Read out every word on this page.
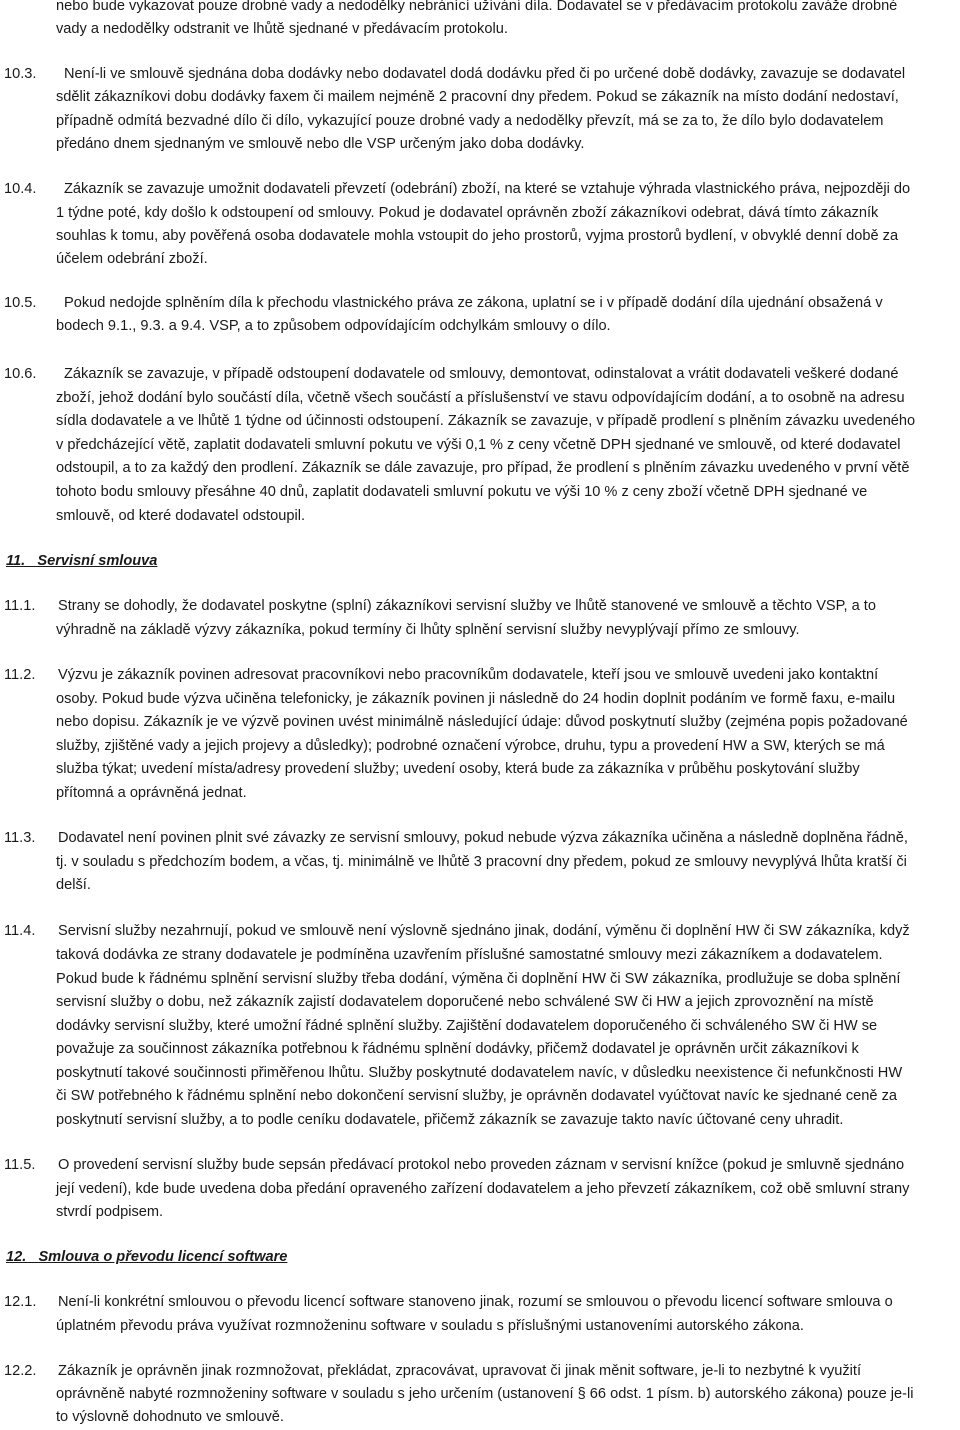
nebo bude vykazovat pouze drobné vady a nedodělky nebránící užívání díla. Dodavatel se v předávacím protokolu zaváže drobné
vady a nedodělky odstranit ve lhůtě sjednané v předávacím protokolu.
10.3. Není-li ve smlouvě sjednána doba dodávky nebo dodavatel dodá dodávku před či po určené době dodávky, zavazuje se dodavatel
sdělit zákazníkovi dobu dodávky faxem či mailem nejméně 2 pracovní dny předem. Pokud se zákazník na místo dodání nedostaví,
případně odmítá bezvadné dílo či dílo, vykazující pouze drobné vady a nedodělky převzít, má se za to, že dílo bylo dodavatelem
předáno dnem sjednaným ve smlouvě nebo dle VSP určeným jako doba dodávky.
10.4. Zákazník se zavazuje umožnit dodavateli převzetí (odebrání) zboží, na které se vztahuje výhrada vlastnického práva, nejpozději do
1 týdne poté, kdy došlo k odstoupení od smlouvy. Pokud je dodavatel oprávněn zboží zákazníkovi odebrat, dává tímto zákazník
souhlas k tomu, aby pověřená osoba dodavatele mohla vstoupit do jeho prostorů, vyjma prostorů bydlení, v obvyklé denní době za
účelem odebrání zboží.
10.5. Pokud nedojde splněním díla k přechodu vlastnického práva ze zákona, uplatní se i v případě dodání díla ujednání obsažená v
bodech 9.1., 9.3. a 9.4. VSP, a to způsobem odpovídajícím odchylkám smlouvy o dílo.
10.6. Zákazník se zavazuje, v případě odstoupení dodavatele od smlouvy, demontovat, odinstalovat a vrátit dodavateli veškeré dodané
zboží, jehož dodání bylo součástí díla, včetně všech součástí a příslušenství ve stavu odpovídajícím dodání, a to osobně na adresu
sídla dodavatele a ve lhůtě 1 týdne od účinnosti odstoupení. Zákazník se zavazuje, v případě prodlení s plněním závazku uvedeného
v předcházející větě, zaplatit dodavateli smluvní pokutu ve výši 0,1 % z ceny včetně DPH sjednané ve smlouvě, od které dodavatel
odstoupil, a to za každý den prodlení. Zákazník se dále zavazuje, pro případ, že prodlení s plněním závazku uvedeného v první větě
tohoto bodu smlouvy přesáhne 40 dnů, zaplatit dodavateli smluvní pokutu ve výši 10 % z ceny zboží včetně DPH sjednané ve
smlouvě, od které dodavatel odstoupil.
11.   Servisní smlouva
11.1. Strany se dohodly, že dodavatel poskytne (splní) zákazníkovi servisní služby ve lhůtě stanovené ve smlouvě a těchto VSP, a to
výhradně na základě výzvy zákazníka, pokud termíny či lhůty splnění servisní služby nevyplývají přímo ze smlouvy.
11.2. Výzvu je zákazník povinen adresovat pracovníkovi nebo pracovníkům dodavatele, kteří jsou ve smlouvě uvedeni jako kontaktní
osoby. Pokud bude výzva učiněna telefonicky, je zákazník povinen ji následně do 24 hodin doplnit podáním ve formě faxu, e-mailu
nebo dopisu. Zákazník je ve výzvě povinen uvést minimálně následující údaje: důvod poskytnutí služby (zejména popis požadované
služby, zjištěné vady a jejich projevy a důsledky); podrobné označení výrobce, druhu, typu a provedení HW a SW, kterých se má
služba týkat; uvedení místa/adresy provedení služby; uvedení osoby, která bude za zákazníka v průběhu poskytování služby
přítomná a oprávněná jednat.
11.3. Dodavatel není povinen plnit své závazky ze servisní smlouvy, pokud nebude výzva zákazníka učiněna a následně doplněna řádně,
tj. v souladu s předchozím bodem, a včas, tj. minimálně ve lhůtě 3 pracovní dny předem, pokud ze smlouvy nevyplývá lhůta kratší či
delší.
11.4. Servisní služby nezahrnují, pokud ve smlouvě není výslovně sjednáno jinak, dodání, výměnu či doplnění HW či SW zákazníka, když
taková dodávka ze strany dodavatele je podmíněna uzavřením příslušné samostatné smlouvy mezi zákazníkem a dodavatelem.
Pokud bude k řádnému splnění servisní služby třeba dodání, výměna či doplnění HW či SW zákazníka, prodlužuje se doba splnění
servisní služby o dobu, než zákazník zajistí dodavatelem doporučené nebo schválené SW či HW a jejich zprovoznění na místě
dodávky servisní služby, které umožní řádné splnění služby. Zajištění dodavatelem doporučeného či schváleného SW či HW se
považuje za součinnost zákazníka potřebnou k řádnému splnění dodávky, přičemž dodavatel je oprávněn určit zákazníkovi k
poskytnutí takové součinnosti přiměřenou lhůtu. Služby poskytnuté dodavatelem navíc, v důsledku neexistence či nefunkčnosti HW
či SW potřebného k řádnému splnění nebo dokončení servisní služby, je oprávněn dodavatel vyúčtovat navíc ke sjednané ceně za
poskytnutí servisní služby, a to podle ceníku dodavatele, přičemž zákazník se zavazuje takto navíc účtované ceny uhradit.
11.5. O provedení servisní služby bude sepsán předávací protokol nebo proveden záznam v servisní knížce (pokud je smluvně sjednáno
její vedení), kde bude uvedena doba předání opraveného zařízení dodavatelem a jeho převzetí zákazníkem, což obě smluvní strany
stvrdí podpisem.
12.   Smlouva o převodu licencí software
12.1. Není-li konkrétní smlouvou o převodu licencí software stanoveno jinak, rozumí se smlouvou o převodu licencí software smlouva o
úplatném převodu práva využívat rozmnoženinu software v souladu s příslušnými ustanoveními autorského zákona.
12.2. Zákazník je oprávněn jinak rozmnožovat, překládat, zpracovávat, upravovat či jinak měnit software, je-li to nezbytné k využití
oprávněně nabyté rozmnoženiny software v souladu s jeho určením (ustanovení § 66 odst. 1 písm. b) autorského zákona) pouze je-li
to výslovně dohodnuto ve smlouvě.
